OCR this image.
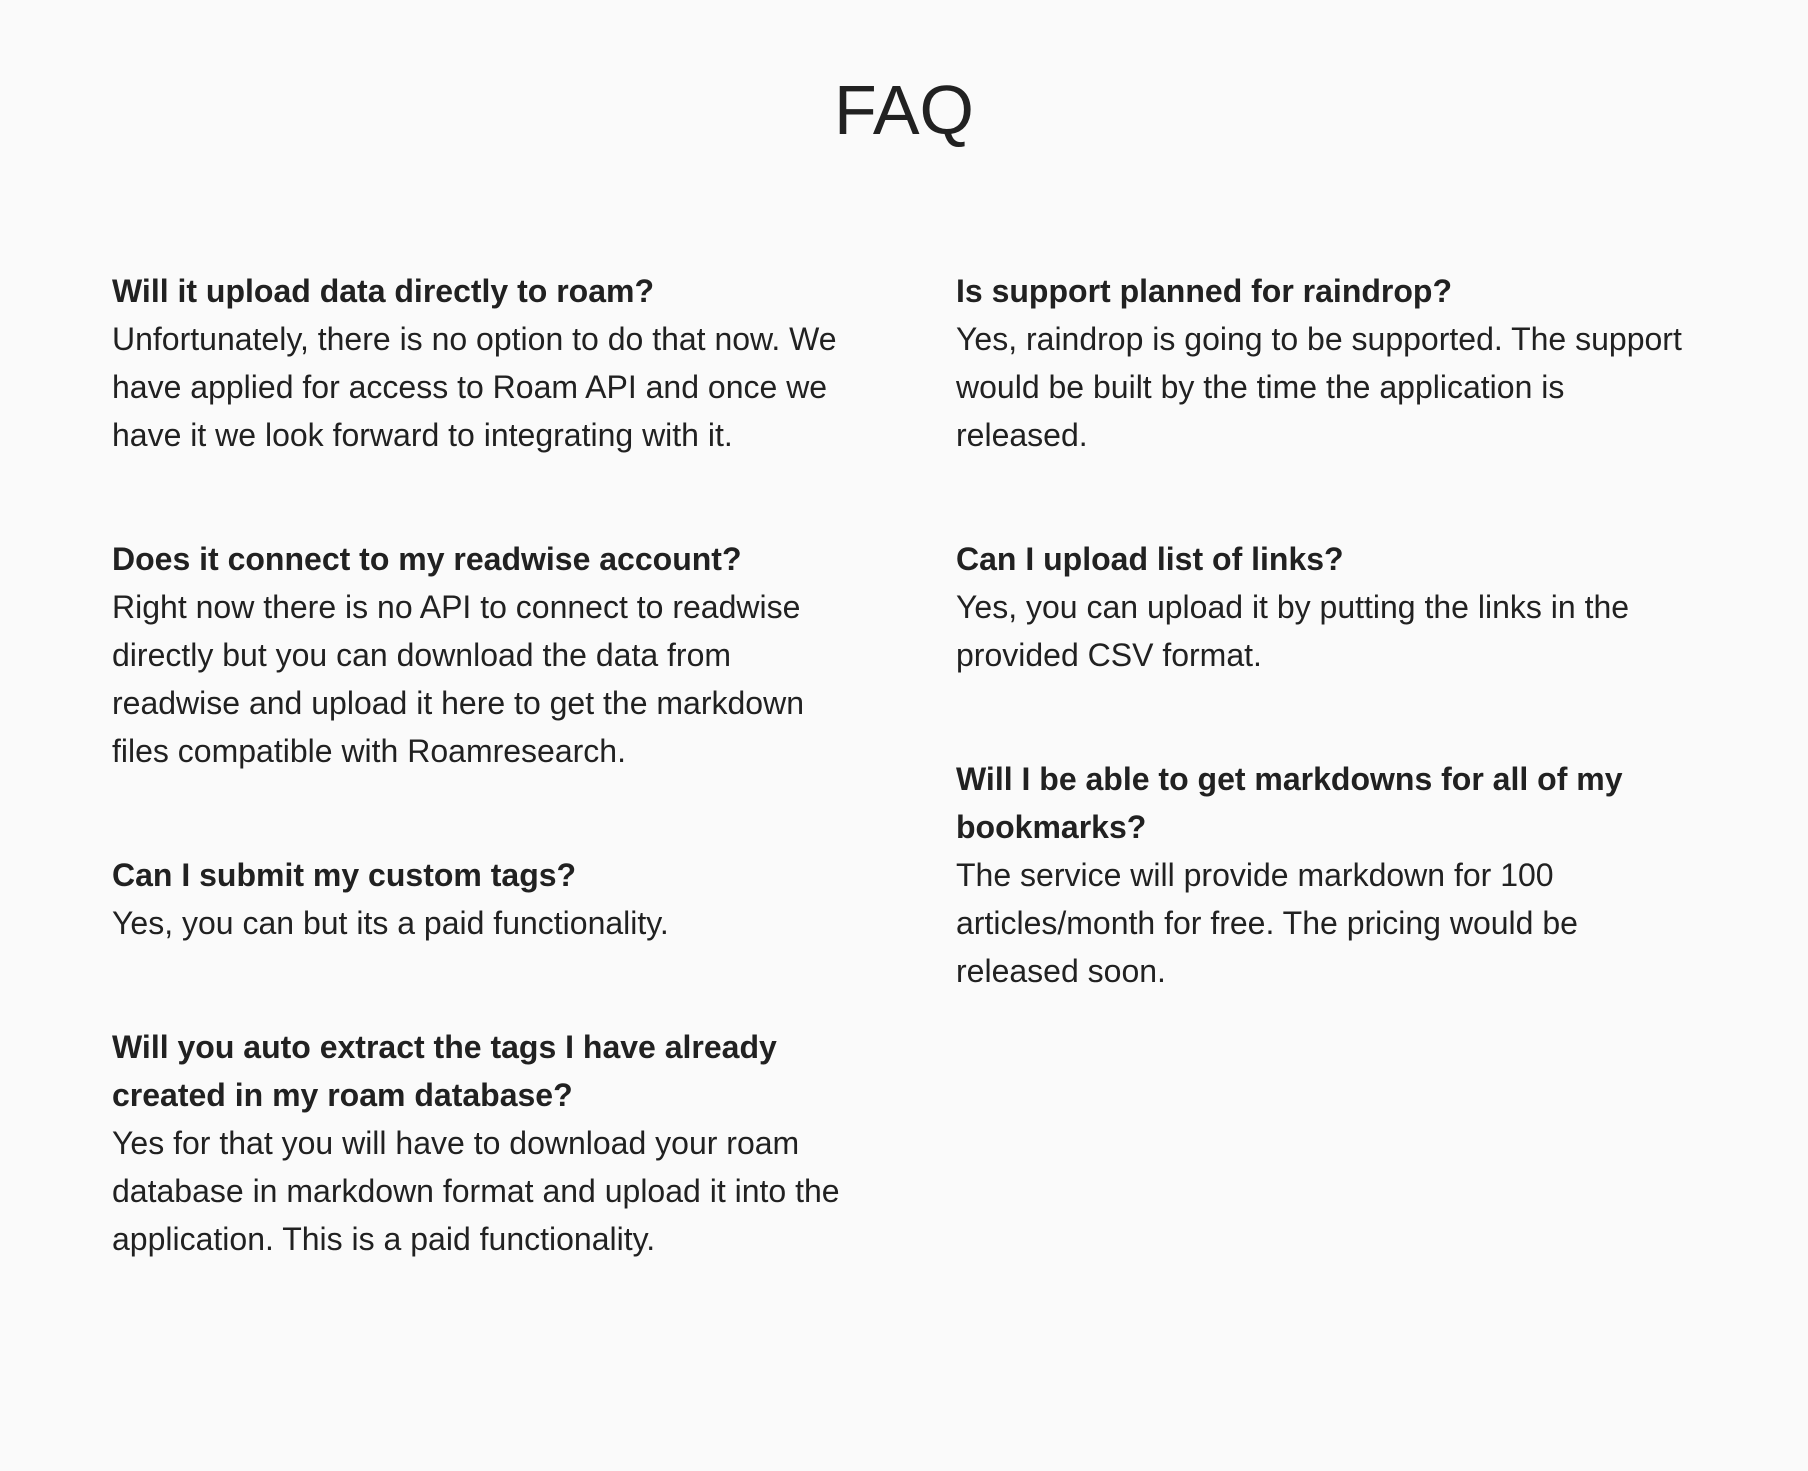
FAQ
Will it upload data directly to roam?

Unfortunately, there is no option to do that now. We have applied for access to Roam API and once we have it we look forward to integrating with it.

Does it connect to my readwise account?

Right now there is no API to connect to readwise directly but you can download the data from readwise and upload it here to get the markdown files compatible with Roamresearch.

Can I submit my custom tags?

Yes, you can but its a paid functionality.

Will you auto extract the tags I have already created in my roam database?

Yes for that you will have to download your roam database in markdown format and upload it into the application. This is a paid functionality.

Is support planned for raindrop?

Yes, raindrop is going to be supported. The support would be built by the time the application is released.

Can I upload list of links?

Yes, you can upload it by putting the links in the provided CSV format.

Will I be able to get markdowns for all of my bookmarks?

The service will provide markdown for 100 articles/month for free. The pricing would be released soon.
